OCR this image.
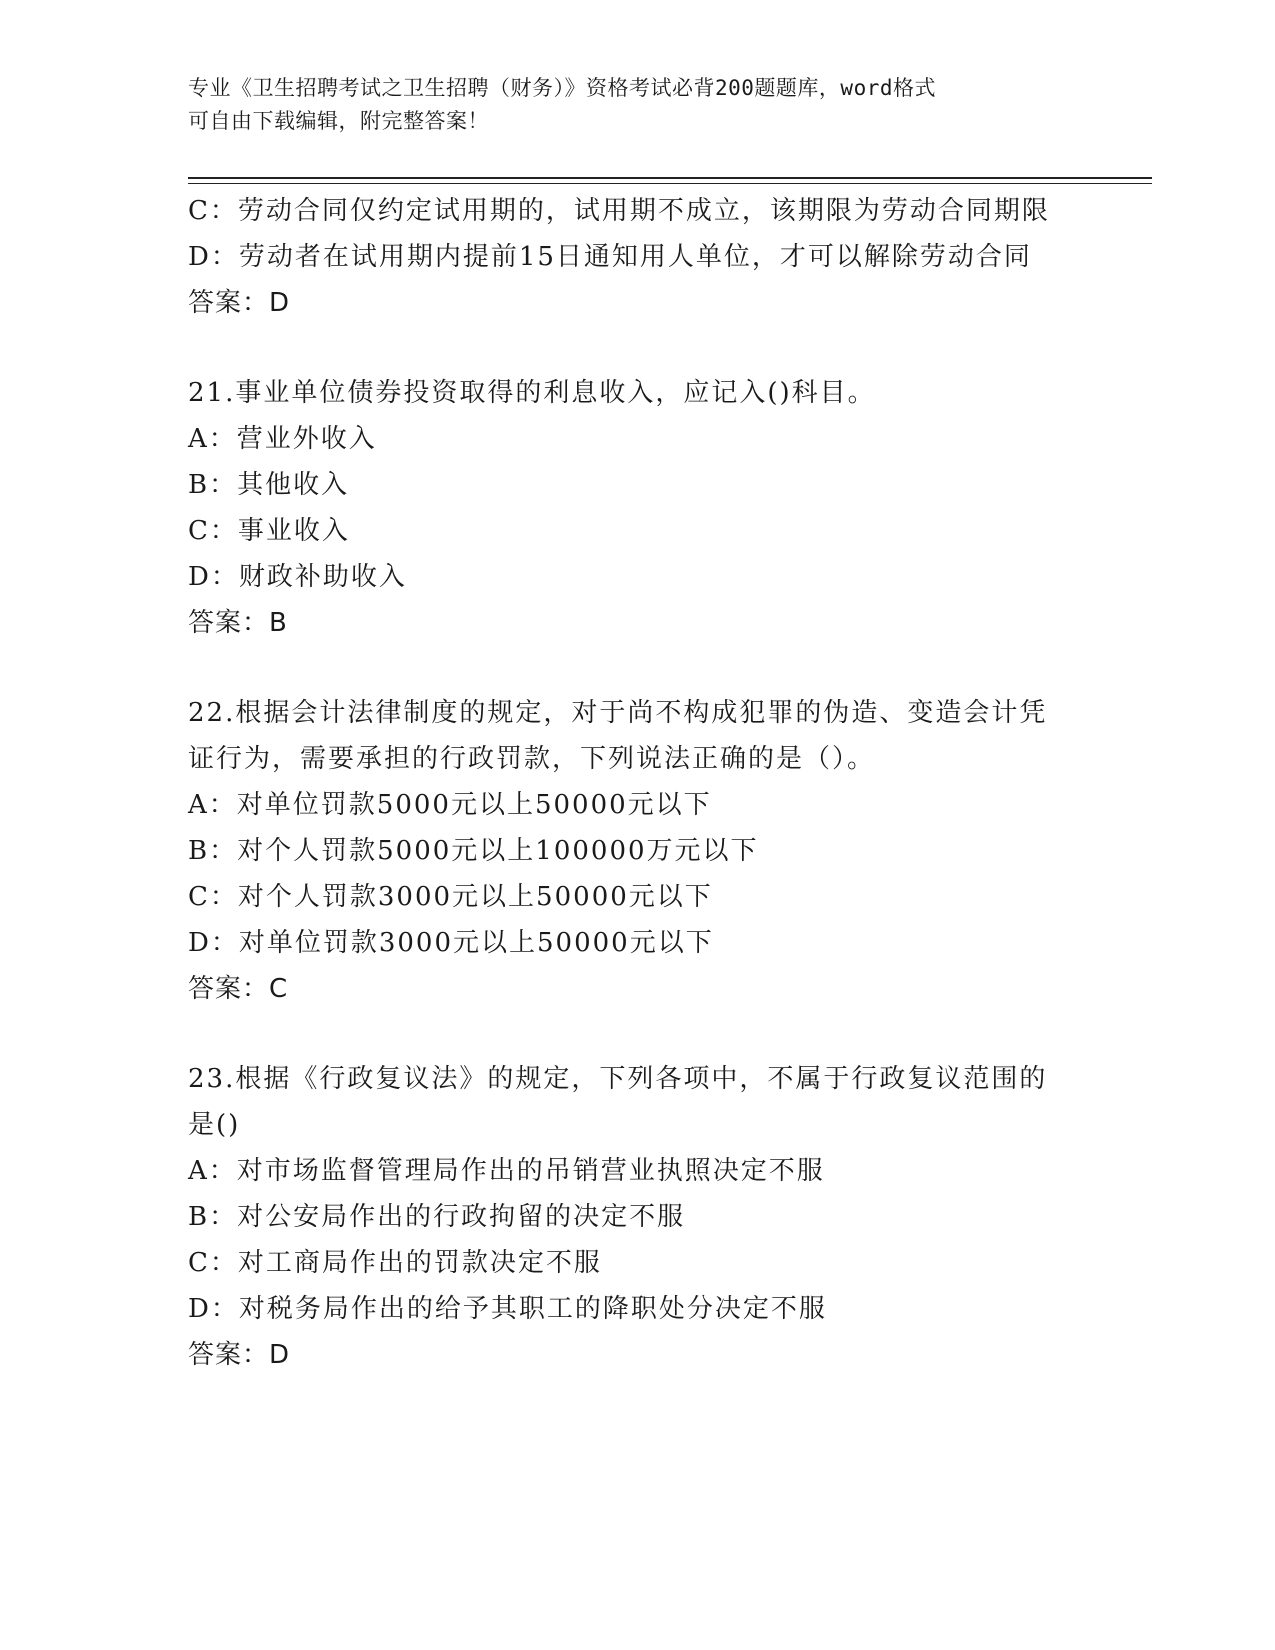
专业《卫生招聘考试之卫生招聘（财务）》资格考试必背200题题库，word格式
可自由下载编辑，附完整答案！
C：劳动合同仅约定试用期的，试用期不成立，该期限为劳动合同期限
D：劳动者在试用期内提前15日通知用人单位，才可以解除劳动合同
答案：D
21.事业单位债券投资取得的利息收入，应记入()科目。
A：营业外收入
B：其他收入
C：事业收入
D：财政补助收入
答案：B
22.根据会计法律制度的规定，对于尚不构成犯罪的伪造、变造会计凭
证行为，需要承担的行政罚款，下列说法正确的是（）。
A：对单位罚款5000元以上50000元以下
B：对个人罚款5000元以上100000万元以下
C：对个人罚款3000元以上50000元以下
D：对单位罚款3000元以上50000元以下
答案：C
23.根据《行政复议法》的规定，下列各项中，不属于行政复议范围的
是()
A：对市场监督管理局作出的吊销营业执照决定不服
B：对公安局作出的行政拘留的决定不服
C：对工商局作出的罚款决定不服
D：对税务局作出的给予其职工的降职处分决定不服
答案：D
